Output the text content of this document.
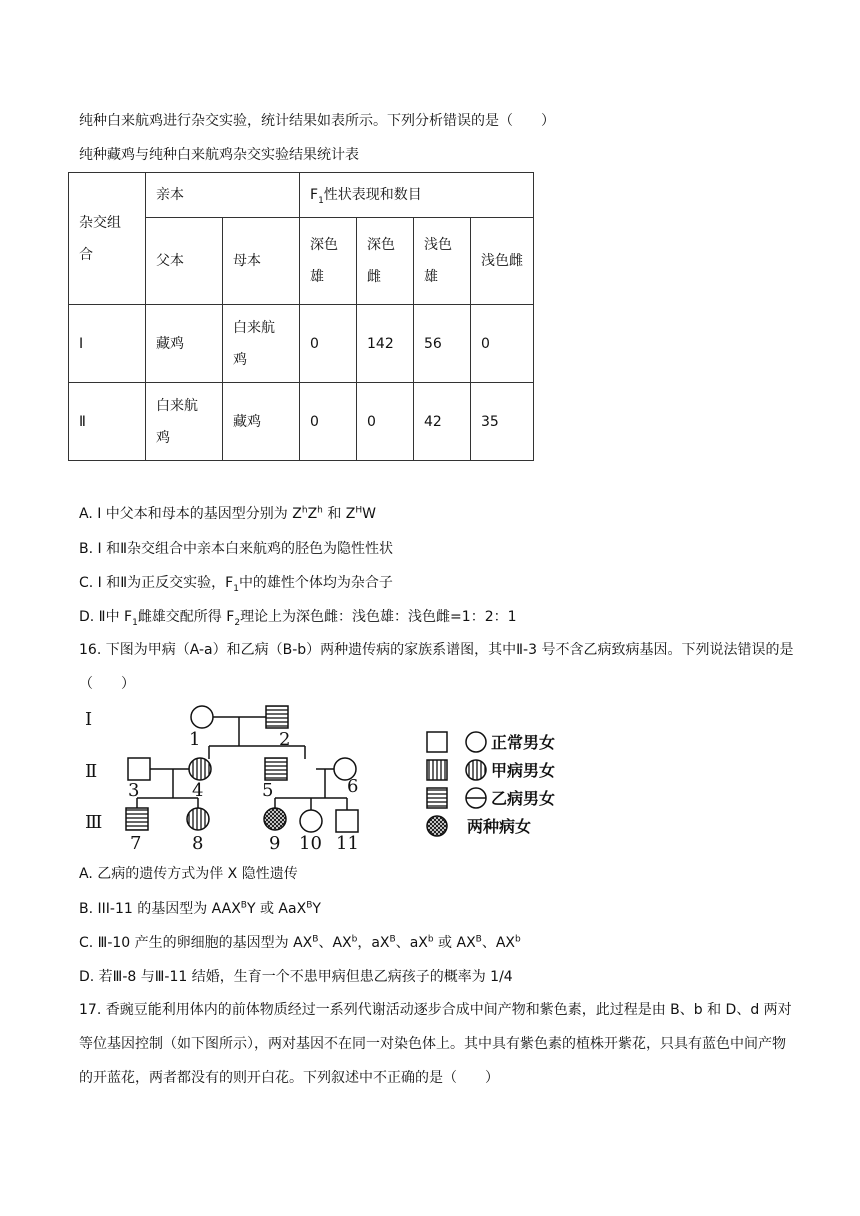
纯种白来航鸡进行杂交实验，统计结果如表所示。下列分析错误的是（　　）
纯种藏鸡与纯种白来航鸡杂交实验结果统计表
杂交组合	亲本		$F_1$性状表现和数目			
	父本	母本	深色雄	深色雌	浅色雄	浅色雌
I	藏鸡	白来航鸡	0	142	56	0
Ⅱ	白来航鸡	藏鸡	0	0	42	35
A. I 中父本和母本的基因型分别为 $Z^hZ^h$ 和 $Z^HW$
B. I 和Ⅱ杂交组合中亲本白来航鸡的胫色为隐性性状
C. I 和Ⅱ为正反交实验，$F_1$中的雄性个体均为杂合子
D. Ⅱ中 $F_1$雌雄交配所得 $F_2$理论上为深色雌：浅色雄：浅色雌=1：2：1
16. 下图为甲病（A-a）和乙病（B-b）两种遗传病的家族系谱图，其中Ⅱ-3 号不含乙病致病基因。下列说法错误的是（　　）
Ⅰ
Ⅱ
Ⅲ
1	2
3	4	5	6
7	8	9 10 11
正常男女
甲病男女
乙病男女
两种病女
A. 乙病的遗传方式为伴 X 隐性遗传
B. III-11 的基因型为 $AAX^BY$ 或 AaX$^B$Y
C. Ⅲ-10 产生的卵细胞的基因型为 $AX^B$、$AX^b$，$aX^B$、$aX^b$ 或 $AX^B$、$AX^b$
D. 若Ⅲ-8 与Ⅲ-11 结婚，生育一个不患甲病但患乙病孩子的概率为 1/4
17. 香豌豆能利用体内的前体物质经过一系列代谢活动逐步合成中间产物和紫色素，此过程是由 B、b 和 D、d 两对等位基因控制（如下图所示），两对基因不在同一对染色体上。其中具有紫色素的植株开紫花，只具有蓝色中间产物的开蓝花，两者都没有的则开白花。下列叙述中不正确的是（　　）
